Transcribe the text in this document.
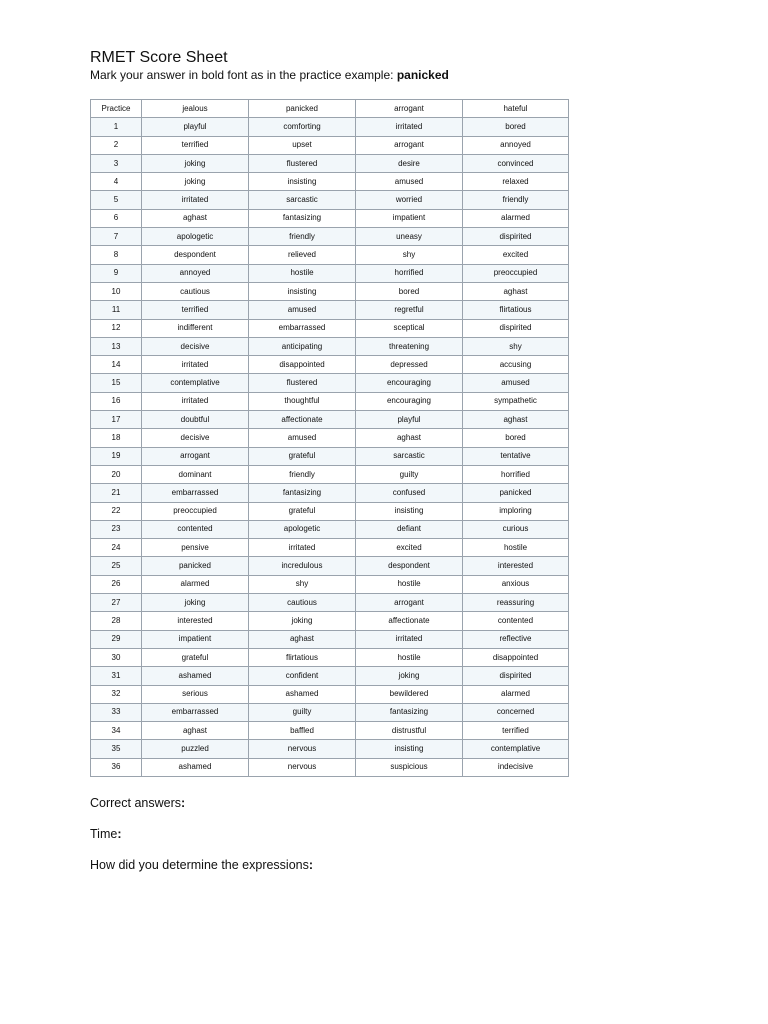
RMET Score Sheet

Mark your answer in bold font as in the practice example: panicked

Practice	jealous	panicked	arrogant	hateful
1	playful	comforting	irritated	bored
2	terrified	upset	arrogant	annoyed
3	joking	flustered	desire	convinced
4	joking	insisting	amused	relaxed
5	irritated	sarcastic	worried	friendly
6	aghast	fantasizing	impatient	alarmed
7	apologetic	friendly	uneasy	dispirited
8	despondent	relieved	shy	excited
9	annoyed	hostile	horrified	preoccupied
10	cautious	insisting	bored	aghast
11	terrified	amused	regretful	flirtatious
12	indifferent	embarrassed	sceptical	dispirited
13	decisive	anticipating	threatening	shy
14	irritated	disappointed	depressed	accusing
15	contemplative	flustered	encouraging	amused
16	irritated	thoughtful	encouraging	sympathetic
17	doubtful	affectionate	playful	aghast
18	decisive	amused	aghast	bored
19	arrogant	grateful	sarcastic	tentative
20	dominant	friendly	guilty	horrified
21	embarrassed	fantasizing	confused	panicked
22	preoccupied	grateful	insisting	imploring
23	contented	apologetic	defiant	curious
24	pensive	irritated	excited	hostile
25	panicked	incredulous	despondent	interested
26	alarmed	shy	hostile	anxious
27	joking	cautious	arrogant	reassuring
28	interested	joking	affectionate	contented
29	impatient	aghast	irritated	reflective
30	grateful	flirtatious	hostile	disappointed
31	ashamed	confident	joking	dispirited
32	serious	ashamed	bewildered	alarmed
33	embarrassed	guilty	fantasizing	concerned
34	aghast	baffled	distrustful	terrified
35	puzzled	nervous	insisting	contemplative
36	ashamed	nervous	suspicious	indecisive

Correct answers:

Time:

How did you determine the expressions:
